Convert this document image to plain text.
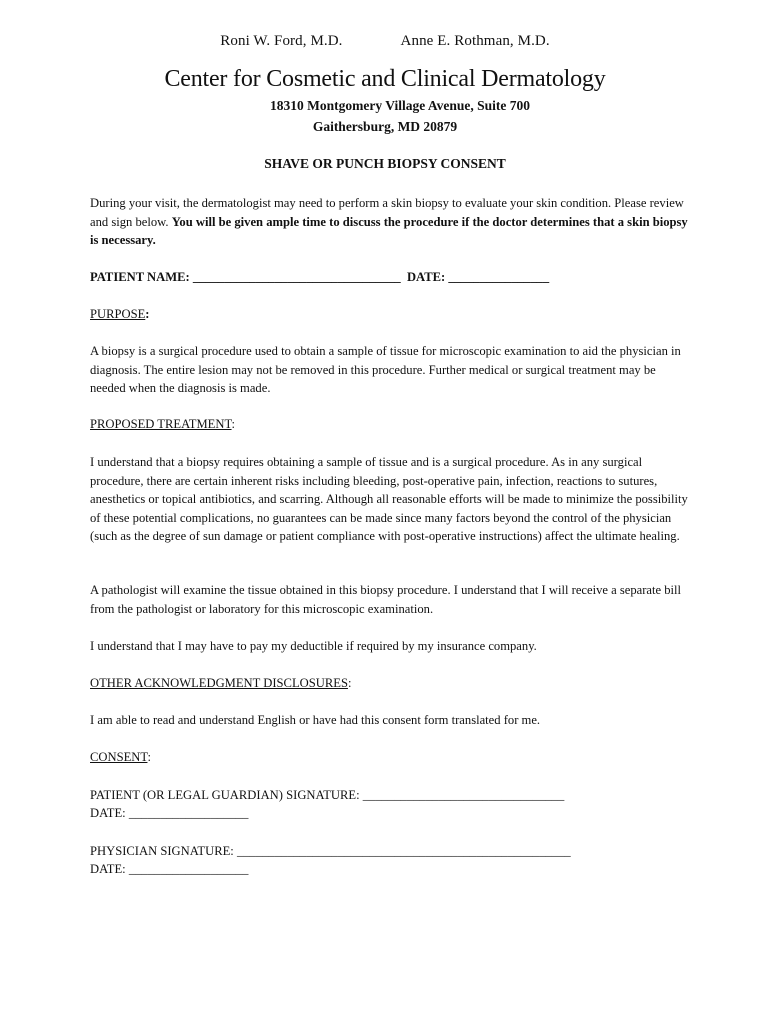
Roni W. Ford, M.D.	Anne E. Rothman, M.D.
Center for Cosmetic and Clinical Dermatology
18310 Montgomery Village Avenue, Suite 700
Gaithersburg, MD 20879
SHAVE OR PUNCH BIOPSY CONSENT
During your visit, the dermatologist may need to perform a skin biopsy to evaluate your skin condition. Please review and sign below. You will be given ample time to discuss the procedure if the doctor determines that a skin biopsy is necessary.
PATIENT NAME: _________________________________ DATE: ________________
PURPOSE:
A biopsy is a surgical procedure used to obtain a sample of tissue for microscopic examination to aid the physician in diagnosis. The entire lesion may not be removed in this procedure. Further medical or surgical treatment may be needed when the diagnosis is made.
PROPOSED TREATMENT:
I understand that a biopsy requires obtaining a sample of tissue and is a surgical procedure. As in any surgical procedure, there are certain inherent risks including bleeding, post-operative pain, infection, reactions to sutures, anesthetics or topical antibiotics, and scarring. Although all reasonable efforts will be made to minimize the possibility of these potential complications, no guarantees can be made since many factors beyond the control of the physician (such as the degree of sun damage or patient compliance with post-operative instructions) affect the ultimate healing.
A pathologist will examine the tissue obtained in this biopsy procedure. I understand that I will receive a separate bill from the pathologist or laboratory for this microscopic examination.
I understand that I may have to pay my deductible if required by my insurance company.
OTHER ACKNOWLEDGMENT DISCLOSURES:
I am able to read and understand English or have had this consent form translated for me.
CONSENT:
PATIENT (OR LEGAL GUARDIAN) SIGNATURE: ________________________________
DATE: ___________________
PHYSICIAN SIGNATURE: _____________________________________________________
DATE: ___________________
